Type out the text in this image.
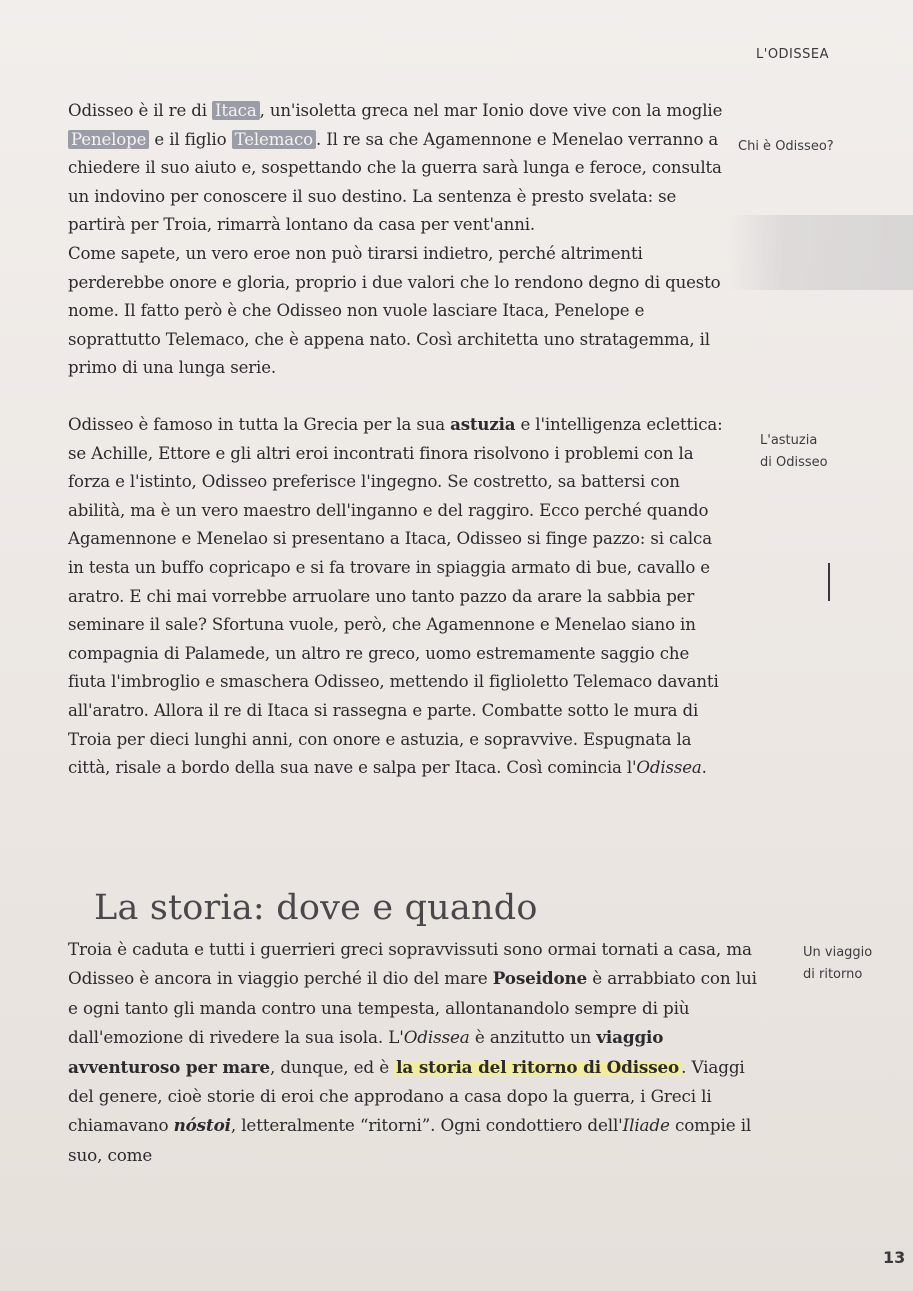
L'ODISSEA

Odisseo è il re di Itaca , un'isoletta greca nel mar Ionio dove vive con la moglie Penelope e il figlio Telemaco . Il re sa che Agamennone e Menelao verranno a chiedere il suo aiuto e, sospettando che la guerra sarà lunga e feroce, consulta un indovino per conoscere il suo destino. La sentenza è presto svelata: se partirà per Troia, rimarrà lontano da casa per vent'anni.

Come sapete, un vero eroe non può tirarsi indietro, perché altrimenti perderebbe onore e gloria, proprio i due valori che lo rendono degno di questo nome. Il fatto però è che Odisseo non vuole lasciare Itaca, Penelope e soprattutto Telemaco, che è appena nato. Così architetta uno stratagemma, il primo di una lunga serie.

Odisseo è famoso in tutta la Grecia per la sua astuzia e l'intelligenza eclettica: se Achille, Ettore e gli altri eroi incontrati finora risolvono i problemi con la forza e l'istinto, Odisseo preferisce l'ingegno. Se costretto, sa battersi con abilità, ma è un vero maestro dell'inganno e del raggiro. Ecco perché quando Agamennone e Menelao si presentano a Itaca, Odisseo si finge pazzo: si calca in testa un buffo copricapo e si fa trovare in spiaggia armato di bue, cavallo e aratro. E chi mai vorrebbe arruolare uno tanto pazzo da arare la sabbia per seminare il sale? Sfortuna vuole, però, che Agamennone e Menelao siano in compagnia di Palamede, un altro re greco, uomo estremamente saggio che fiuta l'imbroglio e smaschera Odisseo, mettendo il figlioletto Telemaco davanti all'aratro. Allora il re di Itaca si rassegna e parte. Combatte sotto le mura di Troia per dieci lunghi anni, con onore e astuzia, e sopravvive. Espugnata la città, risale a bordo della sua nave e salpa per Itaca. Così comincia l'Odissea.

La storia: dove e quando

Troia è caduta e tutti i guerrieri greci sopravvissuti sono ormai tornati a casa, ma Odisseo è ancora in viaggio perché il dio del mare Poseidone è arrabbiato con lui e ogni tanto gli manda contro una tempesta, allontanandolo sempre di più dall'emozione di rivedere la sua isola. L'Odissea è anzitutto un viaggio avventuroso per mare, dunque, ed è la storia del ritorno di Odisseo . Viaggi del genere, cioè storie di eroi che approdano a casa dopo la guerra, i Greci li chiamavano nóstoi, letteralmente “ritorni”. Ogni condottiero dell'Iliade compie il suo, come

Chi è Odisseo?
L'astuzia
di Odisseo
Un viaggio
di ritorno
13
